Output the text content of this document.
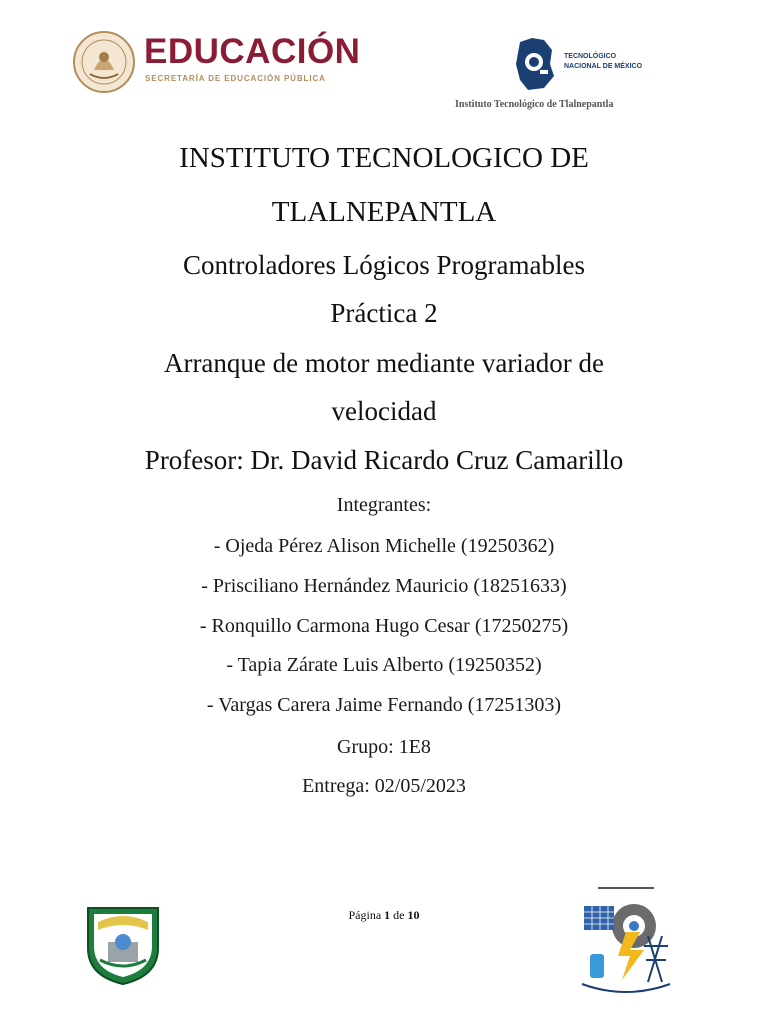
EDUCACIÓN
SECRETARÍA DE EDUCACIÓN PÚBLICA
TECNOLÓGICO
NACIONAL DE MÉXICO
Instituto Tecnológico de Tlalnepantla
INSTITUTO TECNOLOGICO DE
TLALNEPANTLA
Controladores Lógicos Programables
Práctica 2
Arranque de motor mediante variador de
velocidad
Profesor: Dr. David Ricardo Cruz Camarillo
Integrantes:
- Ojeda Pérez Alison Michelle (19250362)
- Prisciliano Hernández Mauricio (18251633)
- Ronquillo Carmona Hugo Cesar (17250275)
- Tapia Zárate Luis Alberto (19250352)
- Vargas Carera Jaime Fernando (17251303)
Grupo: 1E8
Entrega: 02/05/2023
Página 1 de 10
